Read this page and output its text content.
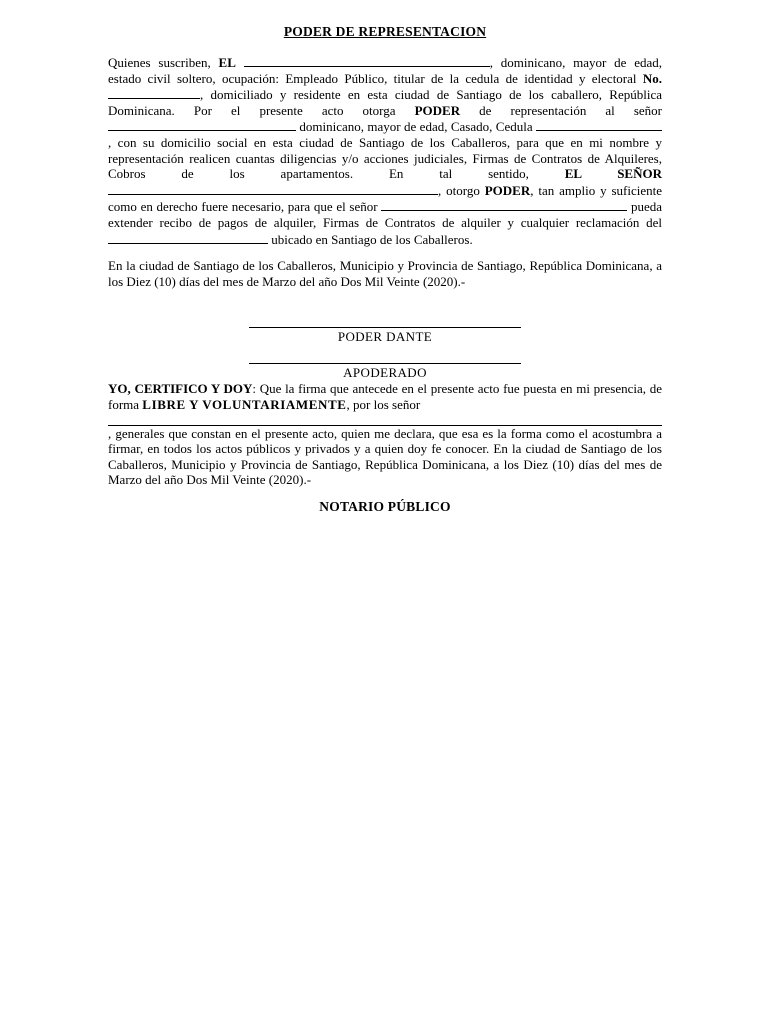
PODER DE REPRESENTACION

Quienes suscriben, EL	, dominicano, mayor de edad, estado civil soltero, ocupación: Empleado Público, titular de la cedula de identidad y electoral No. , domiciliado y residente en esta ciudad de Santiago de los caballero, República Dominicana. Por el presente acto otorga PODER de representación al señor  dominicano, mayor de edad, Casado, Cedula , con su domicilio social en esta ciudad de Santiago de los Caballeros, para que en mi nombre y representación realicen cuantas diligencias y/o acciones judiciales, Firmas de Contratos de Alquileres, Cobros de los apartamentos. En tal sentido, EL SEÑOR , otorgo PODER, tan amplio y suficiente como en derecho fuere necesario, para que el señor	pueda extender recibo de pagos de alquiler, Firmas de Contratos de alquiler y cualquier reclamación del  ubicado en Santiago de los Caballeros.

En la ciudad de Santiago de los Caballeros, Municipio y Provincia de Santiago, República Dominicana, a los Diez (10) días del mes de Marzo del año Dos Mil Veinte (2020).-

PODER DANTE
APODERADO

YO, CERTIFICO Y DOY: Que la firma que antecede en el presente acto fue puesta en mi presencia, de forma LIBRE Y VOLUNTARIAMENTE, por los señor
, generales que constan en el presente acto, quien me declara, que esa es la forma como el acostumbra a firmar, en todos los actos públicos y privados y a quien doy fe conocer. En la ciudad de Santiago de los Caballeros, Municipio y Provincia de Santiago, República Dominicana, a los Diez (10) días del mes de Marzo del año Dos Mil Veinte (2020).-

NOTARIO PÚBLICO
